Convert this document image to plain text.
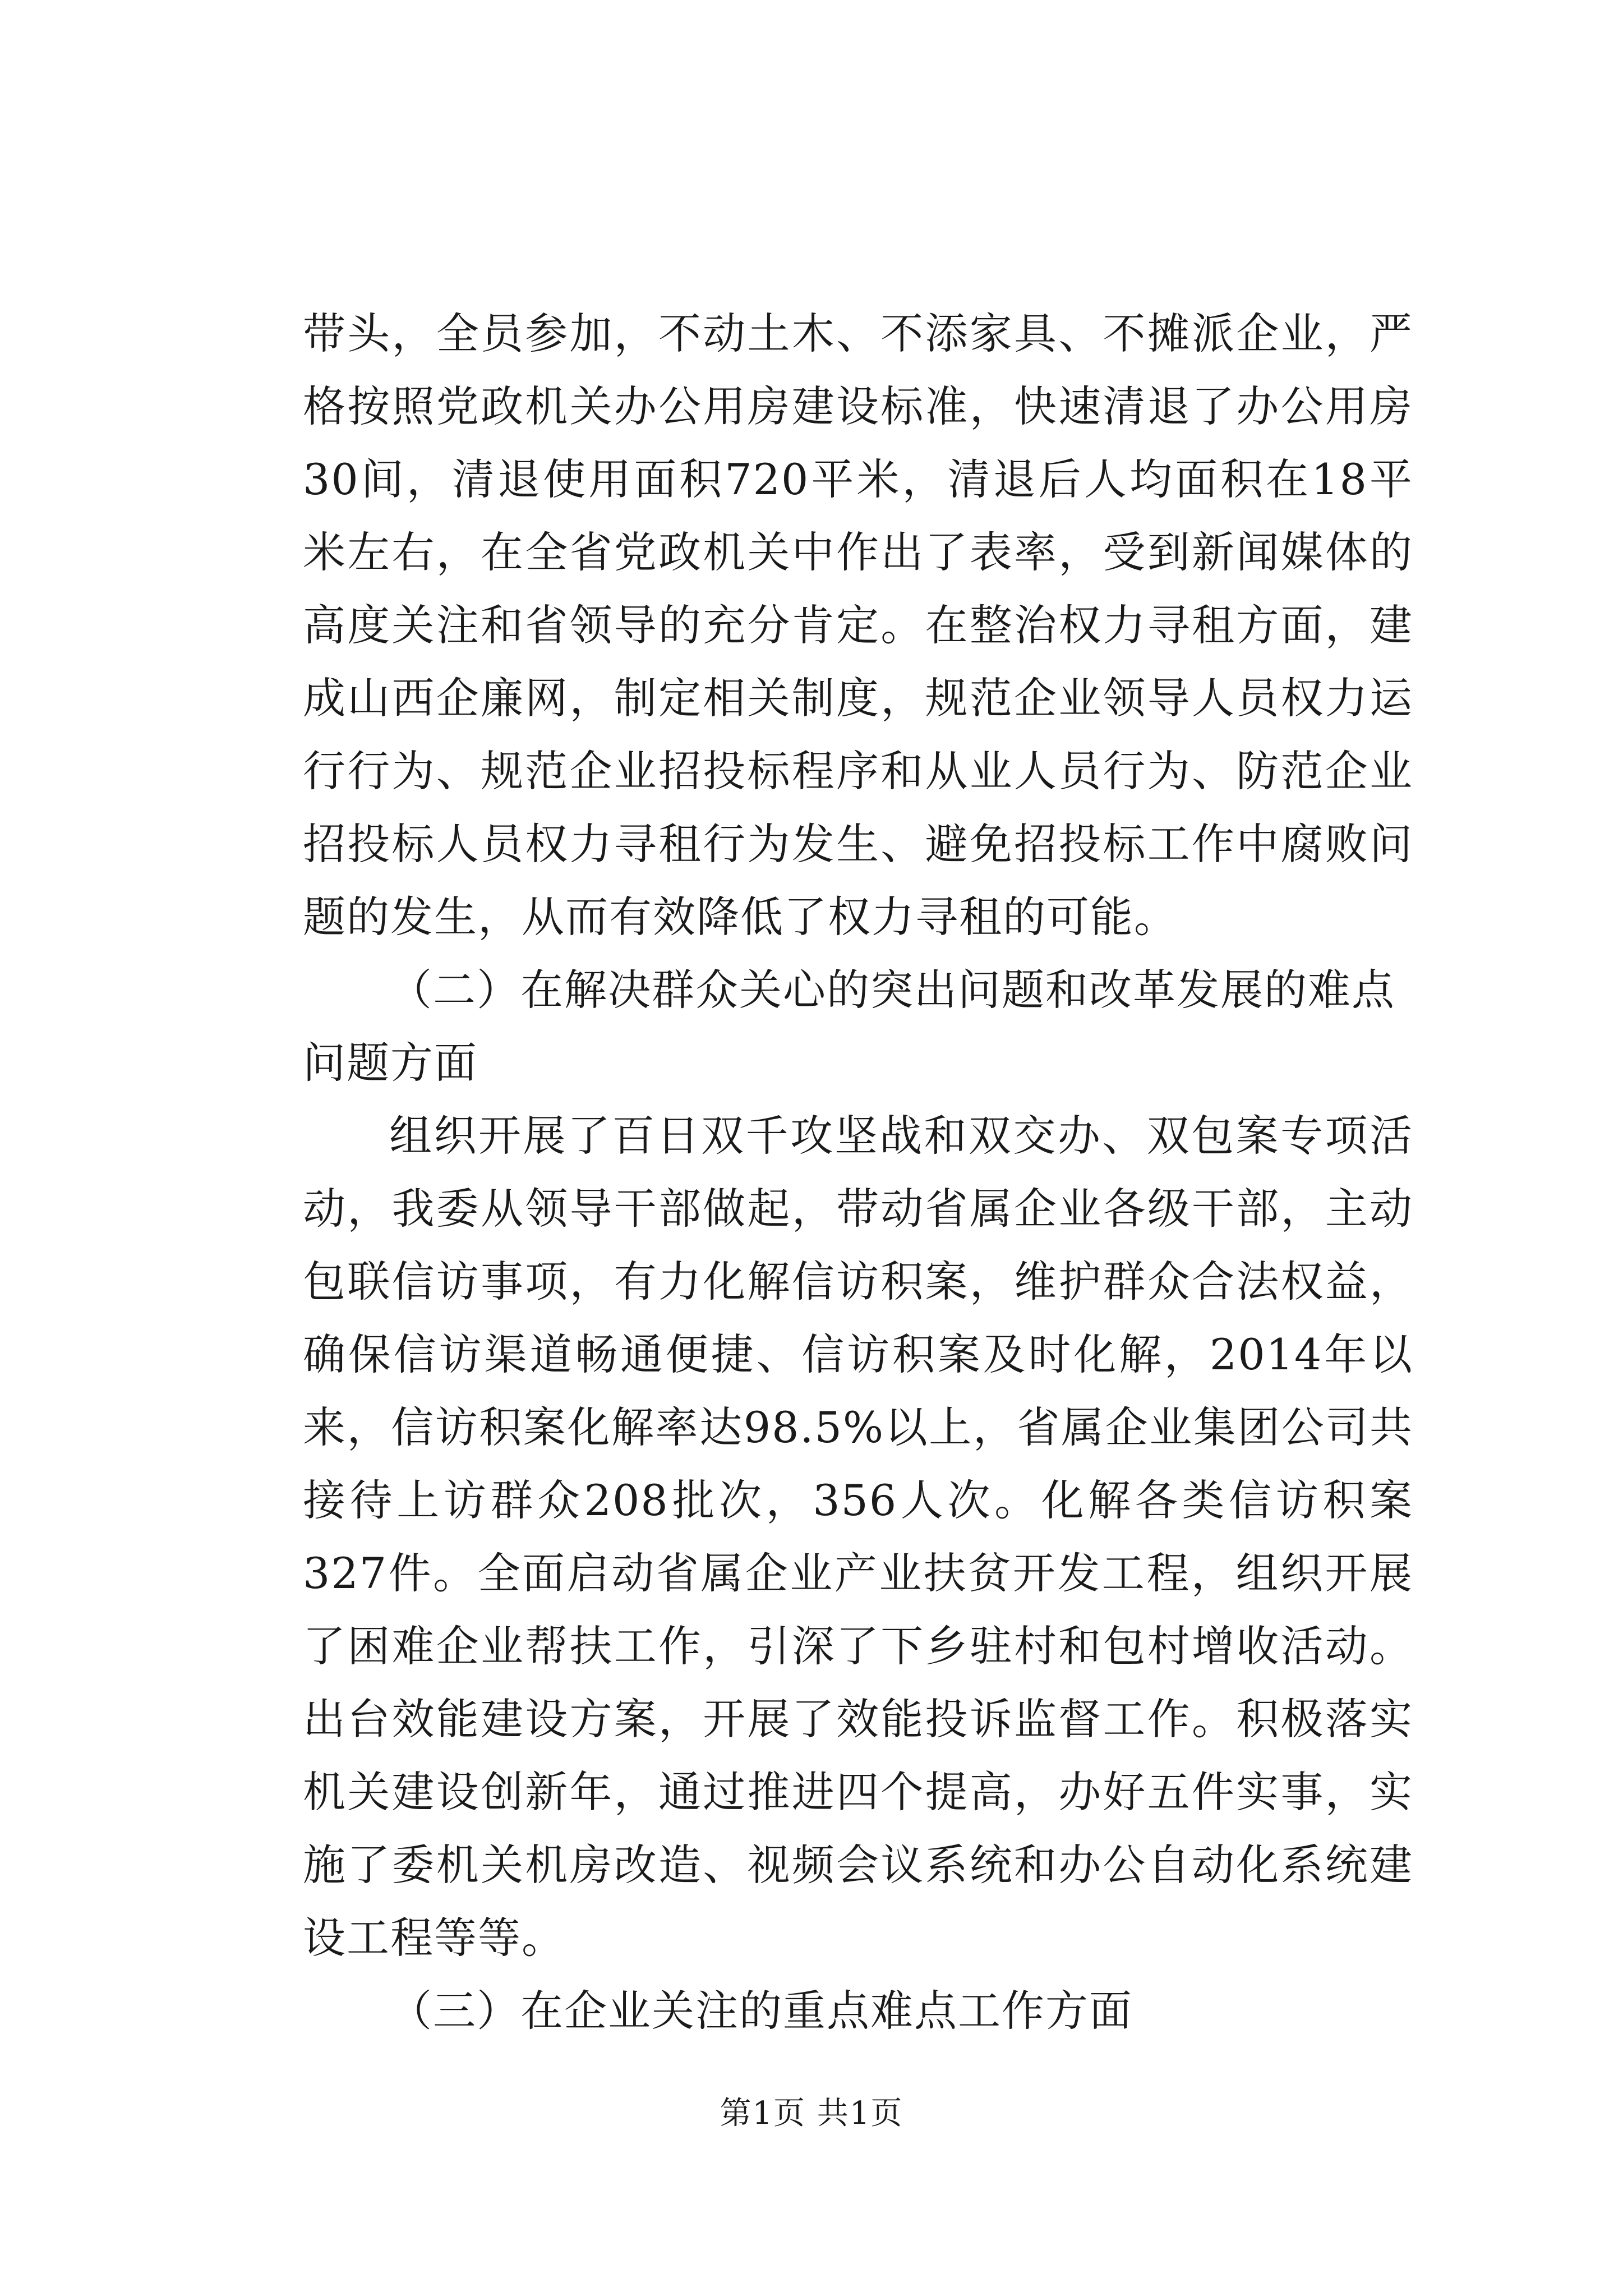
带头，全员参加，不动土木、不添家具、不摊派企业，严格按照党政机关办公用房建设标准，快速清退了办公用房30间，清退使用面积720平米，清退后人均面积在18平米左右，在全省党政机关中作出了表率，受到新闻媒体的高度关注和省领导的充分肯定。在整治权力寻租方面，建成山西企廉网，制定相关制度，规范企业领导人员权力运行行为、规范企业招投标程序和从业人员行为、防范企业招投标人员权力寻租行为发生、避免招投标工作中腐败问题的发生，从而有效降低了权力寻租的可能。

（二）在解决群众关心的突出问题和改革发展的难点问题方面

组织开展了百日双千攻坚战和双交办、双包案专项活动，我委从领导干部做起，带动省属企业各级干部，主动包联信访事项，有力化解信访积案，维护群众合法权益，确保信访渠道畅通便捷、信访积案及时化解，2014年以来，信访积案化解率达98.5%以上，省属企业集团公司共接待上访群众208批次，356人次。化解各类信访积案327件。全面启动省属企业产业扶贫开发工程，组织开展了困难企业帮扶工作，引深了下乡驻村和包村增收活动。出台效能建设方案，开展了效能投诉监督工作。积极落实机关建设创新年，通过推进四个提高，办好五件实事，实施了委机关机房改造、视频会议系统和办公自动化系统建设工程等等。

（三）在企业关注的重点难点工作方面

第1页 共1页
